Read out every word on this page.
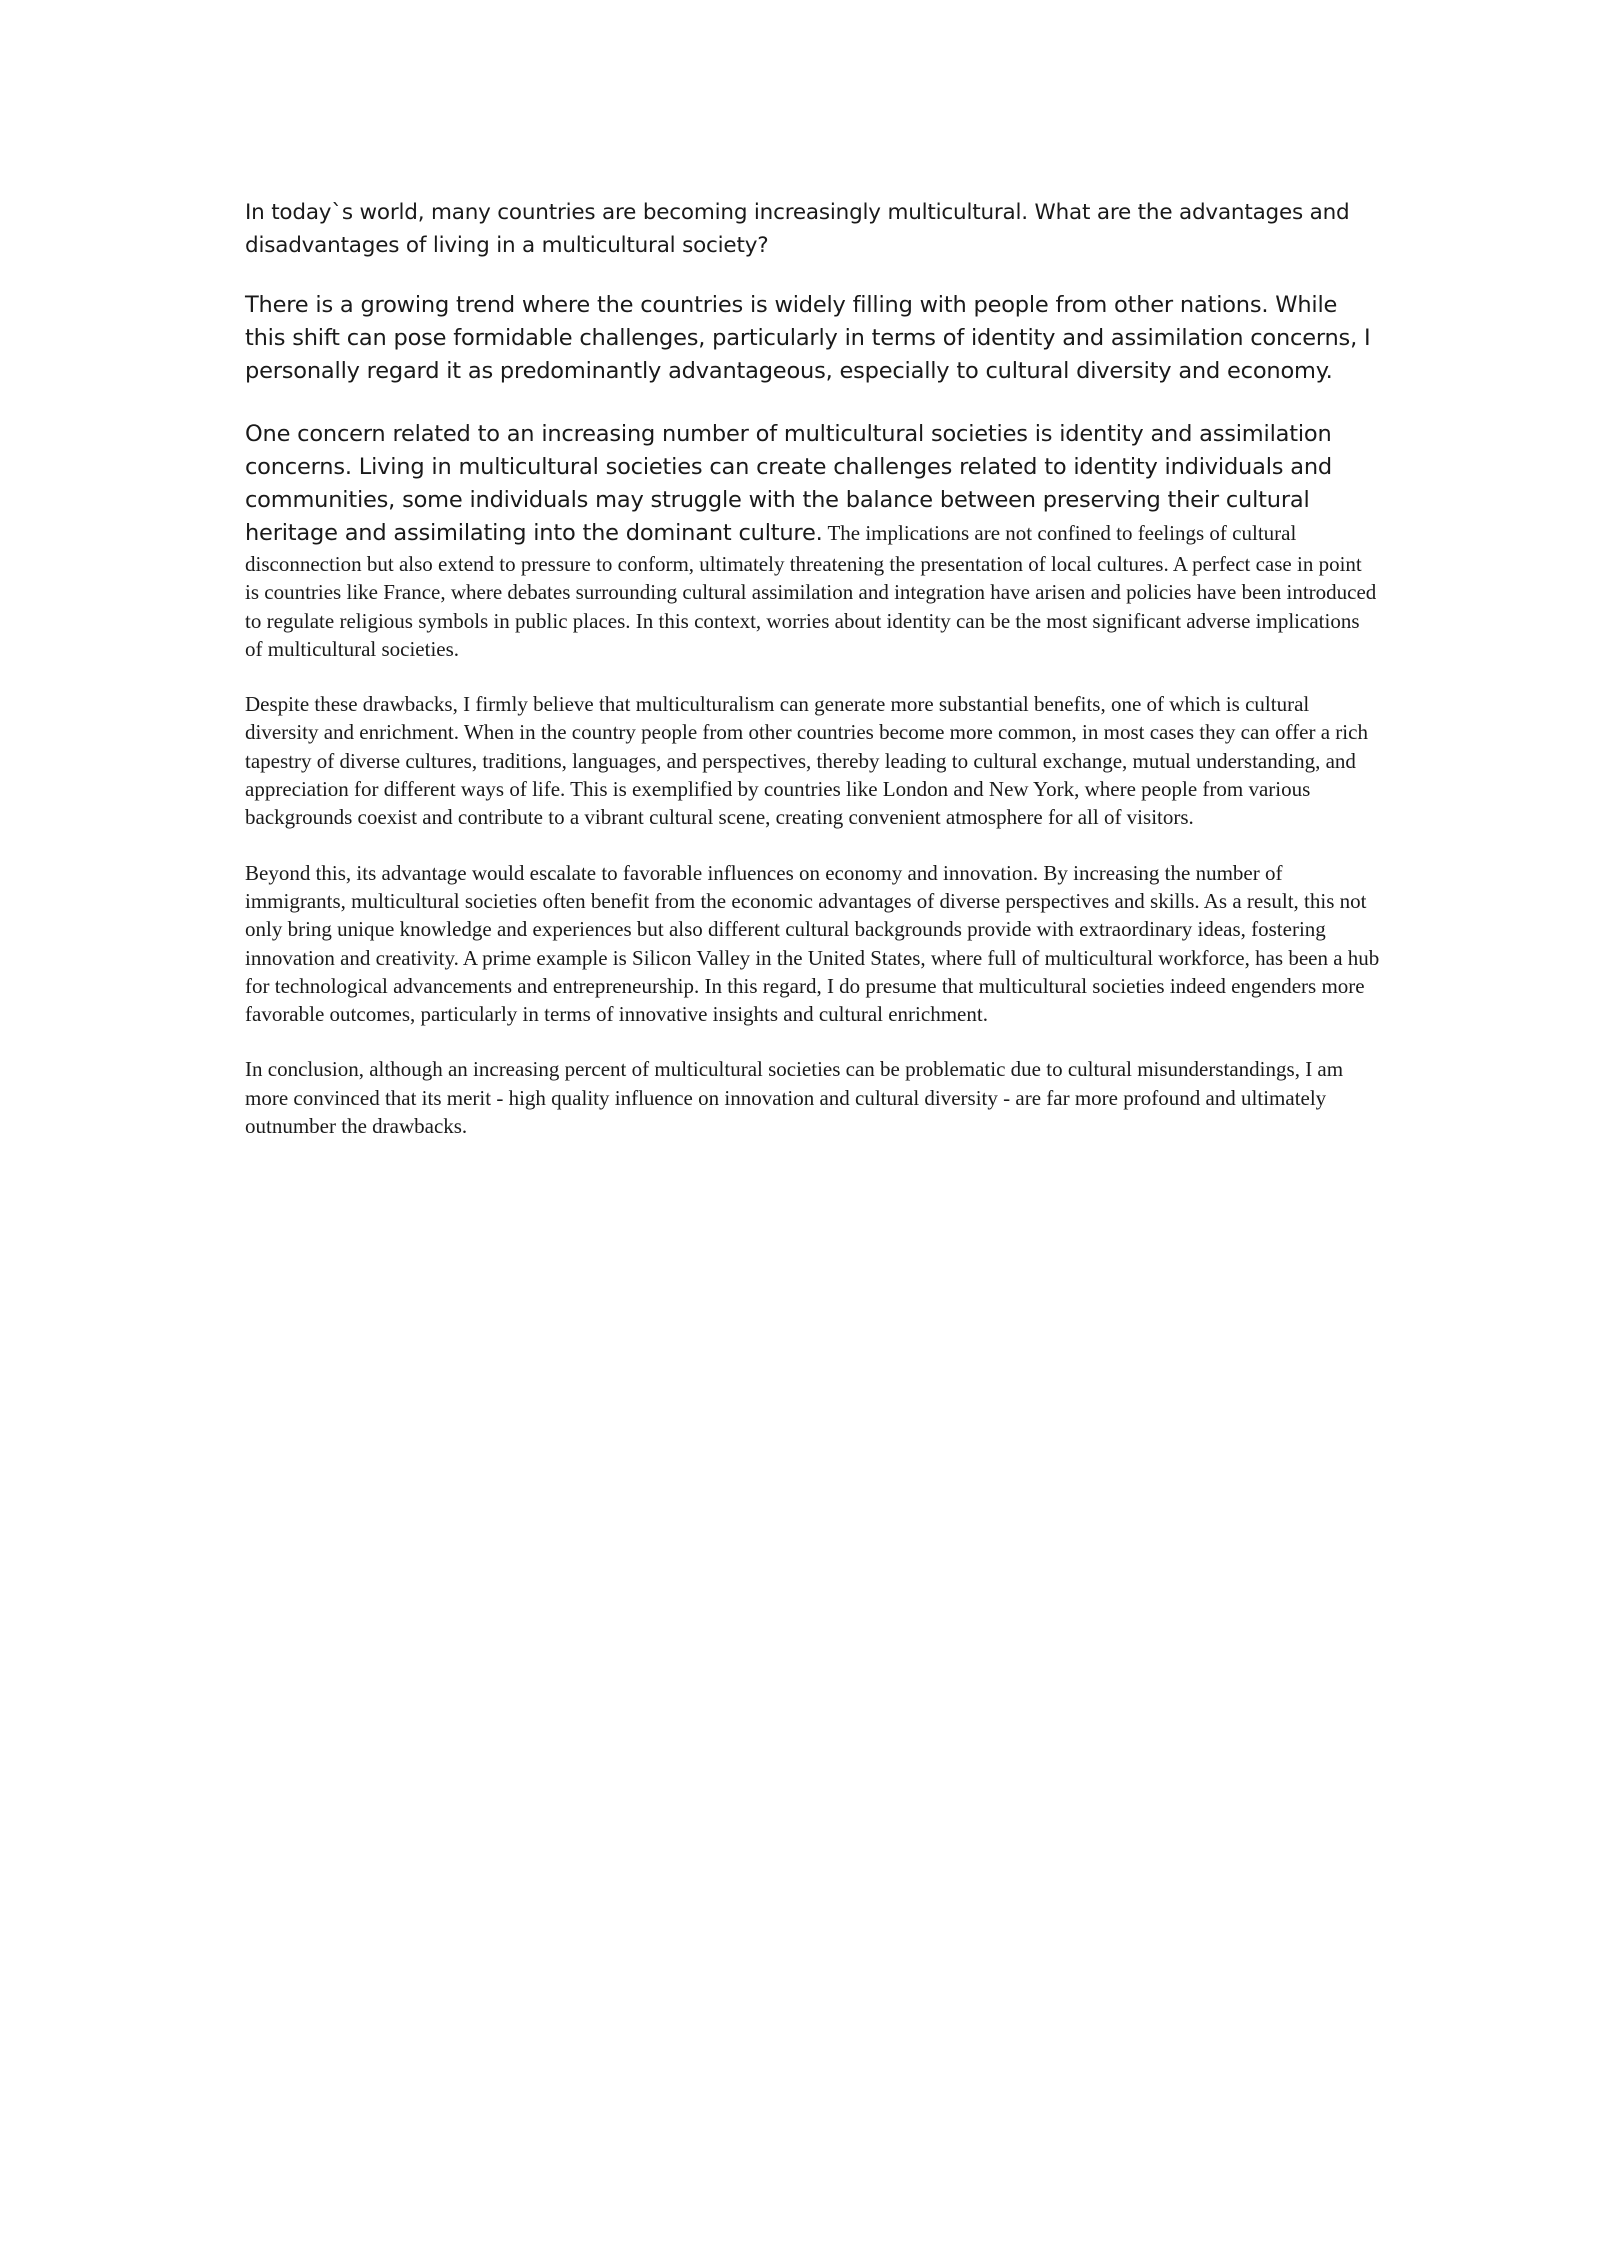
In today`s world, many countries are becoming increasingly multicultural. What are the advantages and disadvantages of living in a multicultural society?

There is a growing trend where the countries is widely filling with people from other nations. While this shift can pose formidable challenges, particularly in terms of identity and assimilation concerns, I personally regard it as predominantly advantageous, especially to cultural diversity and economy.

One concern related to an increasing number of multicultural societies is identity and assimilation concerns. Living in multicultural societies can create challenges related to identity individuals and communities, some individuals may struggle with the balance between preserving their cultural heritage and assimilating into the dominant culture. The implications are not confined to feelings of cultural disconnection but also extend to pressure to conform, ultimately threatening the presentation of local cultures. A perfect case in point is countries like France, where debates surrounding cultural assimilation and integration have arisen and policies have been introduced to regulate religious symbols in public places. In this context, worries about identity can be the most significant adverse implications of multicultural societies.

Despite these drawbacks, I firmly believe that multiculturalism can generate more substantial benefits, one of which is cultural diversity and enrichment. When in the country people from other countries become more common, in most cases they can offer a rich tapestry of diverse cultures, traditions, languages, and perspectives, thereby leading to cultural exchange, mutual understanding, and appreciation for different ways of life. This is exemplified by countries like London and New York, where people from various backgrounds coexist and contribute to a vibrant cultural scene, creating convenient atmosphere for all of visitors.

Beyond this, its advantage would escalate to favorable influences on economy and innovation. By increasing the number of immigrants, multicultural societies often benefit from the economic advantages of diverse perspectives and skills. As a result, this not only bring unique knowledge and experiences but also different cultural backgrounds provide with extraordinary ideas, fostering innovation and creativity. A prime example is Silicon Valley in the United States, where full of multicultural workforce, has been a hub for technological advancements and entrepreneurship. In this regard, I do presume that multicultural societies indeed engenders more favorable outcomes, particularly in terms of innovative insights and cultural enrichment.

In conclusion, although an increasing percent of multicultural societies can be problematic due to cultural misunderstandings, I am more convinced that its merit - high quality influence on innovation and cultural diversity - are far more profound and ultimately outnumber the drawbacks.
